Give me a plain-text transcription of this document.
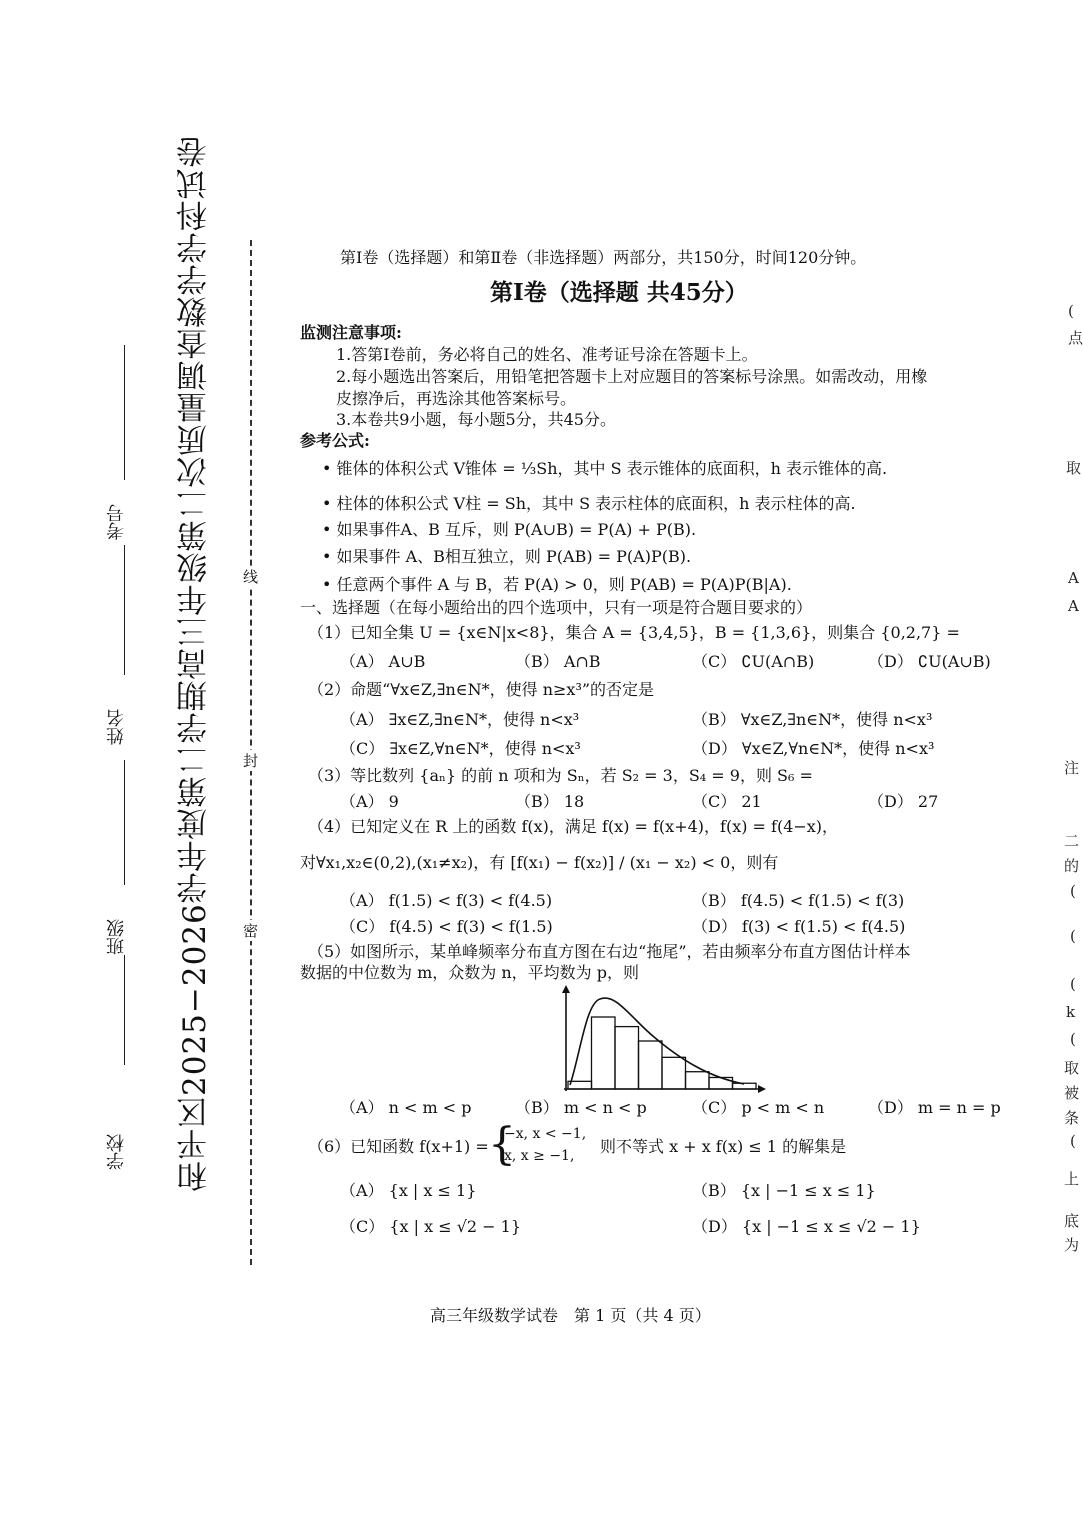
和平区2025−2026学年度第二学期高三年级第二次质量调查数学学科试卷
学校
班级
姓名
考号
线
封
密
第Ⅰ卷（选择题）和第Ⅱ卷（非选择题）两部分，共150分，时间120分钟。
第Ⅰ卷（选择题 共45分）
监测注意事项:
1.答第Ⅰ卷前，务必将自己的姓名、准考证号涂在答题卡上。
2.每小题选出答案后，用铅笔把答题卡上对应题目的答案标号涂黑。如需改动，用橡
皮擦净后，再选涂其他答案标号。
3.本卷共9小题，每小题5分，共45分。
参考公式:
• 锥体的体积公式 V锥体 = ⅓Sh，其中 S 表示锥体的底面积，h 表示锥体的高.
• 柱体的体积公式 V柱 = Sh，其中 S 表示柱体的底面积，h 表示柱体的高.
• 如果事件A、B 互斥，则 P(A∪B) = P(A) + P(B).
• 如果事件 A、B相互独立，则 P(AB) = P(A)P(B).
• 任意两个事件 A 与 B，若 P(A) > 0，则 P(AB) = P(A)P(B|A).
一、选择题（在每小题给出的四个选项中，只有一项是符合题目要求的）
（1）已知全集 U = {x∈N|x<8}，集合 A = {3,4,5}，B = {1,3,6}，则集合 {0,2,7} =
（A） A∪B	（B） A∩B	（C） ∁U(A∩B)	（D） ∁U(A∪B)
（2）命题“∀x∈Z,∃n∈N*，使得 n≥x³”的否定是
（A） ∃x∈Z,∃n∈N*，使得 n<x³	（B） ∀x∈Z,∃n∈N*，使得 n<x³
（C） ∃x∈Z,∀n∈N*，使得 n<x³	（D） ∀x∈Z,∀n∈N*，使得 n<x³
（3）等比数列 {aₙ} 的前 n 项和为 Sₙ，若 S₂ = 3，S₄ = 9，则 S₆ =
（A） 9	（B） 18	（C） 21	（D） 27
（4）已知定义在 R 上的函数 f(x)，满足 f(x) = f(x+4)，f(x) = f(4−x)，
对∀x₁,x₂∈(0,2),(x₁≠x₂)，有 [f(x₁) − f(x₂)] / (x₁ − x₂) < 0，则有
（A） f(1.5) < f(3) < f(4.5)	（B） f(4.5) < f(1.5) < f(3)
（C） f(4.5) < f(3) < f(1.5)	（D） f(3) < f(1.5) < f(4.5)
（5）如图所示，某单峰频率分布直方图在右边“拖尾”，若由频率分布直方图估计样本
数据的中位数为 m，众数为 n，平均数为 p，则
（A） n < m < p	（B） m < n < p	（C） p < m < n	（D） m = n = p
（6）已知函数 f(x+1) = {
−x, x < −1,
x, x ≥ −1, 则不等式 x + x f(x) ≤ 1 的解集是
（A） {x | x ≤ 1}	（B） {x | −1 ≤ x ≤ 1}
（C） {x | x ≤ √2 − 1}	（D） {x | −1 ≤ x ≤ √2 − 1}
高三年级数学试卷　第 1 页（共 4 页）
(
点
取
A
A
注
二
的
(
(
(
k
(
取
被
条
(
上
底
为
